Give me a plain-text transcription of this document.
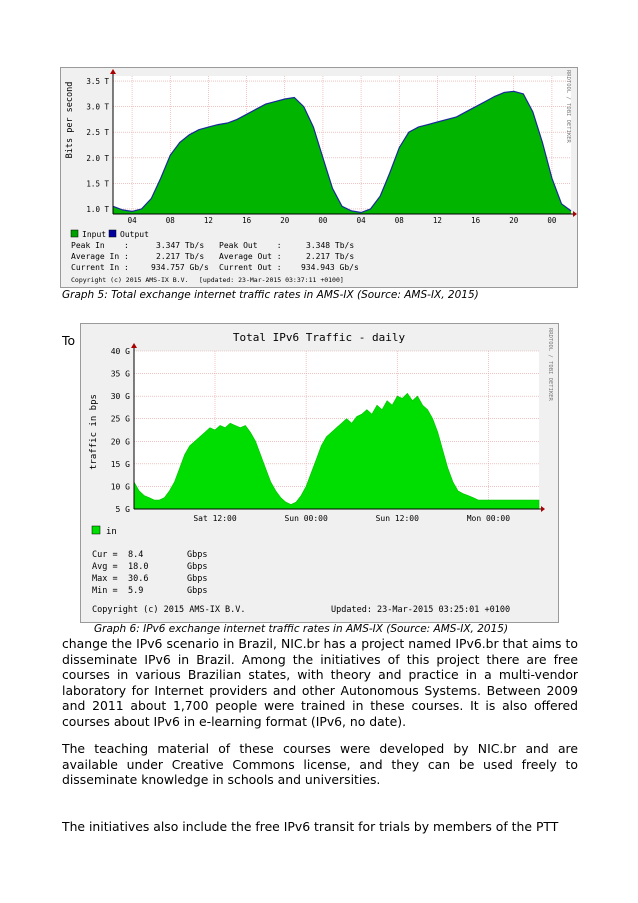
1.0 T
1.5 T
2.0 T
2.5 T
3.0 T
3.5 T
04	08	12	16	20	00	04	08	12	16	20	00
Bits per second	RRDTOOL / TOBI OETIKER
Input Output
Peak In    :	3.347 Tb/s Peak Out    :	3.348 Tb/s
Average In :	2.217 Tb/s Average Out :	2.217 Tb/s
Current In :	934.757 Gb/s Current Out : 934.943 Gb/s
Copyright (c) 2015 AMS-IX B.V. [updated: 23-Mar-2015 03:37:11 +0100]
Graph 5: Total exchange internet traffic rates in AMS-IX (Source: AMS-IX, 2015)
To	Total IPv6 Traffic - daily
5 G
10 G
15 G
20 G
25 G
30 G
35 G
40 G
Sat 12:00	Sun 00:00	Sun 12:00	Mon 00:00
traffic in bps
RRDTOOL / TOBI OETIKER
in
Cur = 8.4	Gbps
Avg = 18.0	Gbps
Max = 30.6	Gbps
Min = 5.9	Gbps
Copyright (c) 2015 AMS-IX B.V.	Updated: 23-Mar-2015 03:25:01 +0100
Graph 6: IPv6 exchange internet traffic rates in AMS-IX (Source: AMS-IX, 2015)
change the IPv6 scenario in Brazil, NIC.br has a project named IPv6.br that aims to disseminate IPv6 in Brazil. Among the initiatives of this project there are free courses in various Brazilian states, with theory and practice in a multi-vendor laboratory for Internet providers and other Autonomous Systems. Between 2009 and 2011 about 1,700 people were trained in these courses. It is also offered courses about IPv6 in e-learning format (IPv6, no date).
The teaching material of these courses were developed by NIC.br and are available under Creative Commons license, and they can be used freely to disseminate knowledge in schools and universities.
The initiatives also include the free IPv6 transit for trials by members of the PTT
